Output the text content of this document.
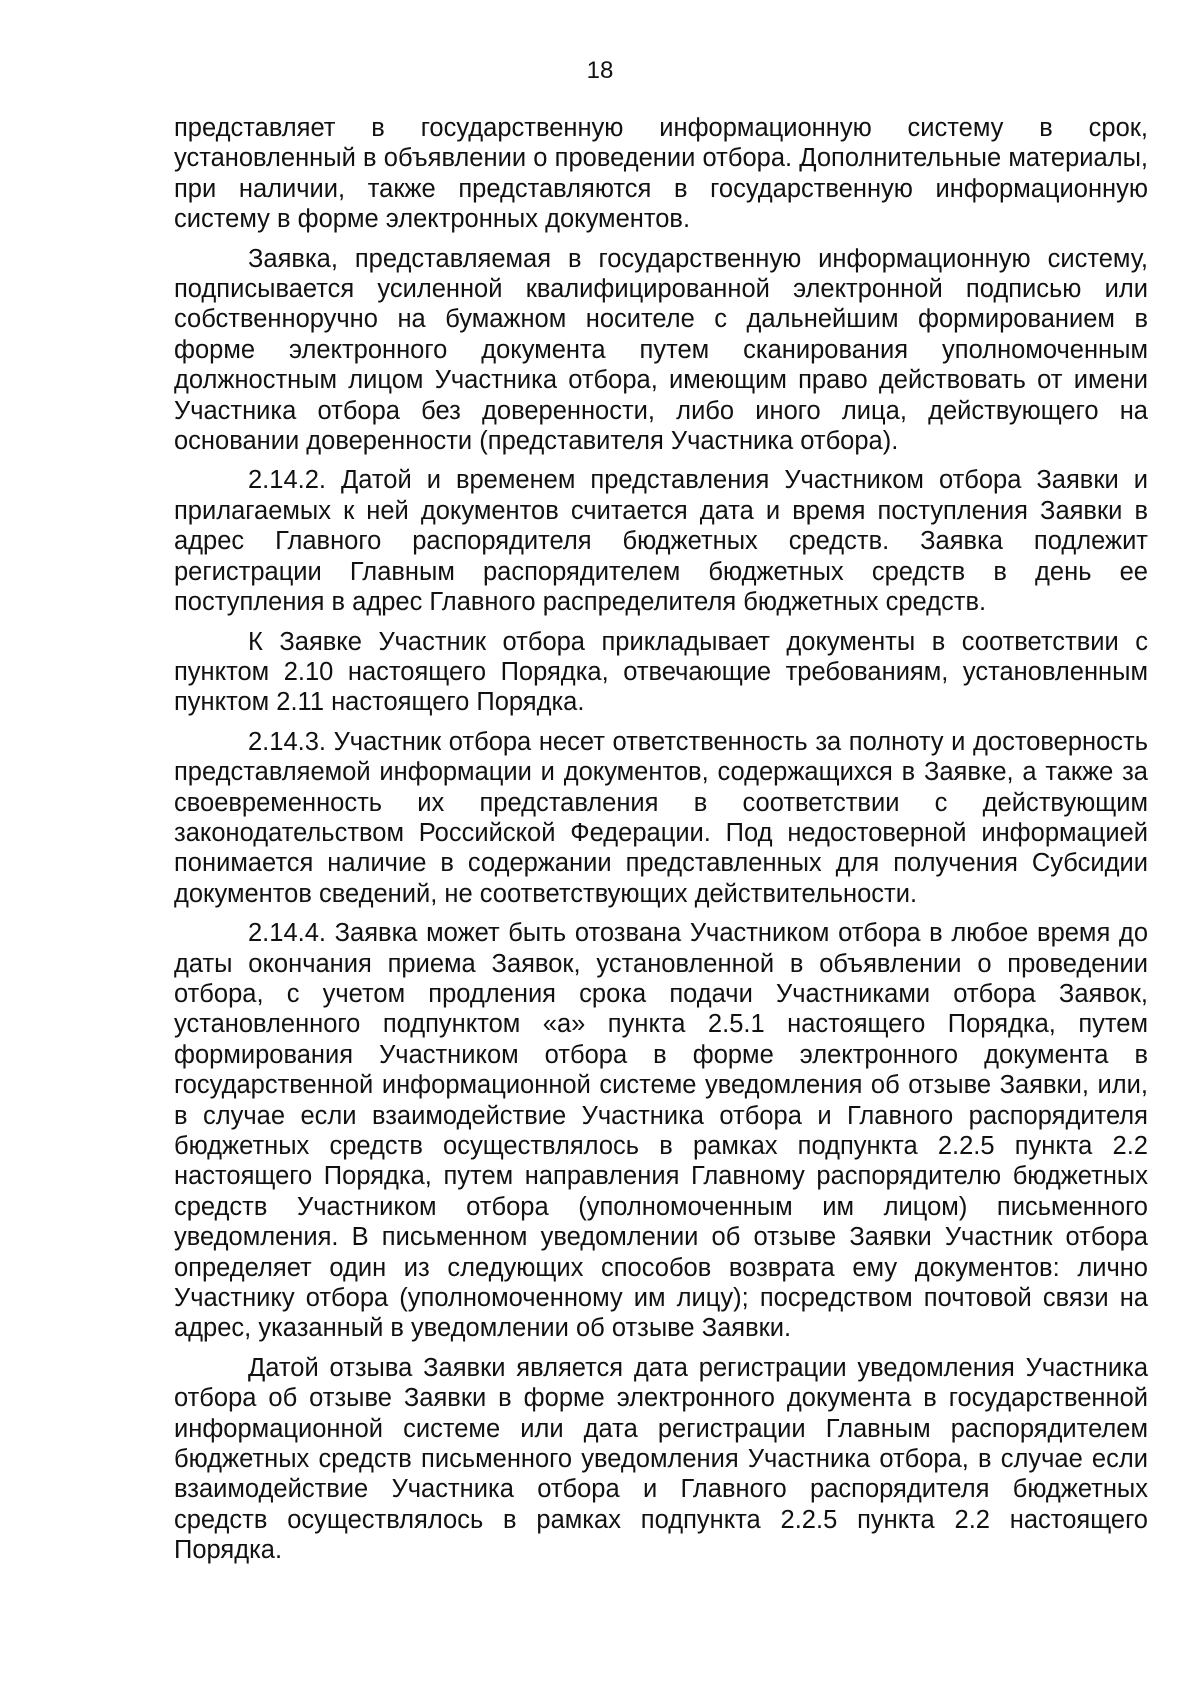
18

представляет в государственную информационную систему в срок, установленный в объявлении о проведении отбора. Дополнительные материалы, при наличии, также представляются в государственную информационную систему в форме электронных документов.

Заявка, представляемая в государственную информационную систему, подписывается усиленной квалифицированной электронной подписью или собственноручно на бумажном носителе с дальнейшим формированием в форме электронного документа путем сканирования уполномоченным должностным лицом Участника отбора, имеющим право действовать от имени Участника отбора без доверенности, либо иного лица, действующего на основании доверенности (представителя Участника отбора).

2.14.2. Датой и временем представления Участником отбора Заявки и прилагаемых к ней документов считается дата и время поступления Заявки в адрес Главного распорядителя бюджетных средств. Заявка подлежит регистрации Главным распорядителем бюджетных средств в день ее поступления в адрес Главного распределителя бюджетных средств.

К Заявке Участник отбора прикладывает документы в соответствии с пунктом 2.10 настоящего Порядка, отвечающие требованиям, установленным пунктом 2.11 настоящего Порядка.

2.14.3. Участник отбора несет ответственность за полноту и достоверность представляемой информации и документов, содержащихся в Заявке, а также за своевременность их представления в соответствии с действующим законодательством Российской Федерации. Под недостоверной информацией понимается наличие в содержании представленных для получения Субсидии документов сведений, не соответствующих действительности.

2.14.4. Заявка может быть отозвана Участником отбора в любое время до даты окончания приема Заявок, установленной в объявлении о проведении отбора, с учетом продления срока подачи Участниками отбора Заявок, установленного подпунктом «а» пункта 2.5.1 настоящего Порядка, путем формирования Участником отбора в форме электронного документа в государственной информационной системе уведомления об отзыве Заявки, или, в случае если взаимодействие Участника отбора и Главного распорядителя бюджетных средств осуществлялось в рамках подпункта 2.2.5 пункта 2.2 настоящего Порядка, путем направления Главному распорядителю бюджетных средств Участником отбора (уполномоченным им лицом) письменного уведомления. В письменном уведомлении об отзыве Заявки Участник отбора определяет один из следующих способов возврата ему документов: лично Участнику отбора (уполномоченному им лицу); посредством почтовой связи на адрес, указанный в уведомлении об отзыве Заявки.

Датой отзыва Заявки является дата регистрации уведомления Участника отбора об отзыве Заявки в форме электронного документа в государственной информационной системе или дата регистрации Главным распорядителем бюджетных средств письменного уведомления Участника отбора, в случае если взаимодействие Участника отбора и Главного распорядителя бюджетных средств осуществлялось в рамках подпункта 2.2.5 пункта 2.2 настоящего Порядка.
